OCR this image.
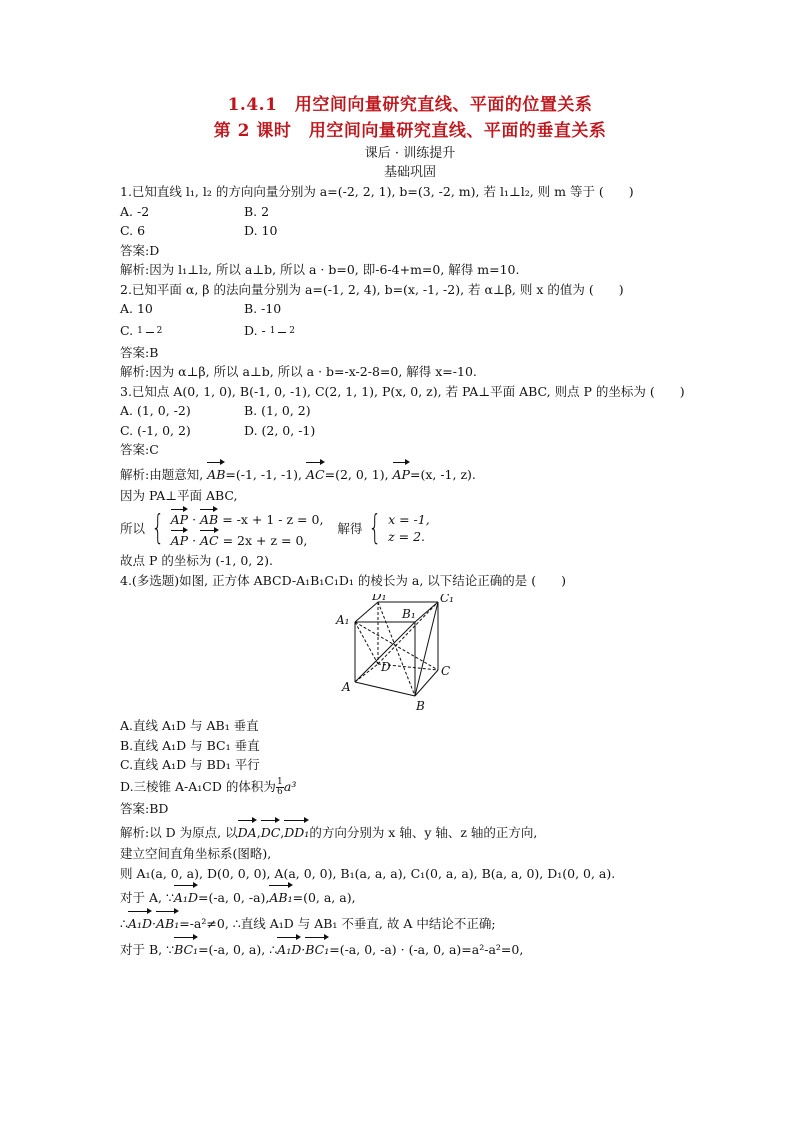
1.4.1　用空间向量研究直线、平面的位置关系
第 2 课时　用空间向量研究直线、平面的垂直关系
课后 · 训练提升
基础巩固
1.已知直线 l₁, l₂ 的方向向量分别为 a=(-2, 2, 1), b=(3, -2, m), 若 l₁⊥l₂, 则 m 等于 (　　)
A. -2	B. 2
C. 6	D. 10
答案:D
解析:因为 l₁⊥l₂, 所以 a⊥b, 所以 a · b=0, 即-6-4+m=0, 解得 m=10.
2.已知平面 α, β 的法向量分别为 a=(-1, 2, 4), b=(x, -1, -2), 若 α⊥β, 则 x 的值为 (　　)
A. 10	B. -10
C. 1 2	D. - 1 2
答案:B
解析:因为 α⊥β, 所以 a⊥b, 所以 a · b=-x-2-8=0, 解得 x=-10.
3.已知点 A(0, 1, 0), B(-1, 0, -1), C(2, 1, 1), P(x, 0, z), 若 PA⊥平面 ABC, 则点 P 的坐标为 (　　)
A. (1, 0, -2)	B. (1, 0, 2)
C. (-1, 0, 2)	D. (2, 0, -1)
答案:C
解析:由题意知, AB=(-1, -1, -1), AC=(2, 0, 1), AP=(x, -1, z).
因为 PA⊥平面 ABC,
所以 { AP · AB = -x + 1 - z = 0,
AP · AC = 2x + z = 0,
解得 { x = -1,
z = 2.
故点 P 的坐标为 (-1, 0, 2).
4.(多选题)如图, 正方体 ABCD-A₁B₁C₁D₁ 的棱长为 a, 以下结论正确的是 (　　)
D₁
B₁
C₁
A₁
D	C
A
B
A.直线 A₁D 与 AB₁ 垂直
B.直线 A₁D 与 BC₁ 垂直
C.直线 A₁D 与 BD₁ 平行
D.三棱锥 A-A₁CD 的体积为 $\frac{1}{6} a^3$
答案:BD
解析:以 D 为原点, 以DA,DC,DD₁的方向分别为 x 轴、y 轴、z 轴的正方向,
建立空间直角坐标系(图略),
则 A₁(a, 0, a), D(0, 0, 0), A(a, 0, 0), B₁(a, a, a), C₁(0, a, a), B(a, a, 0), D₁(0, 0, a).
对于 A, ∵A₁D=(-a, 0, -a),AB₁=(0, a, a),
∴A₁D·AB₁=-a²≠0, ∴直线 A₁D 与 AB₁ 不垂直, 故 A 中结论不正确;
对于 B, ∵BC₁=(-a, 0, a), ∴A₁D·BC₁=(-a, 0, -a) · (-a, 0, a)=a²-a²=0,
